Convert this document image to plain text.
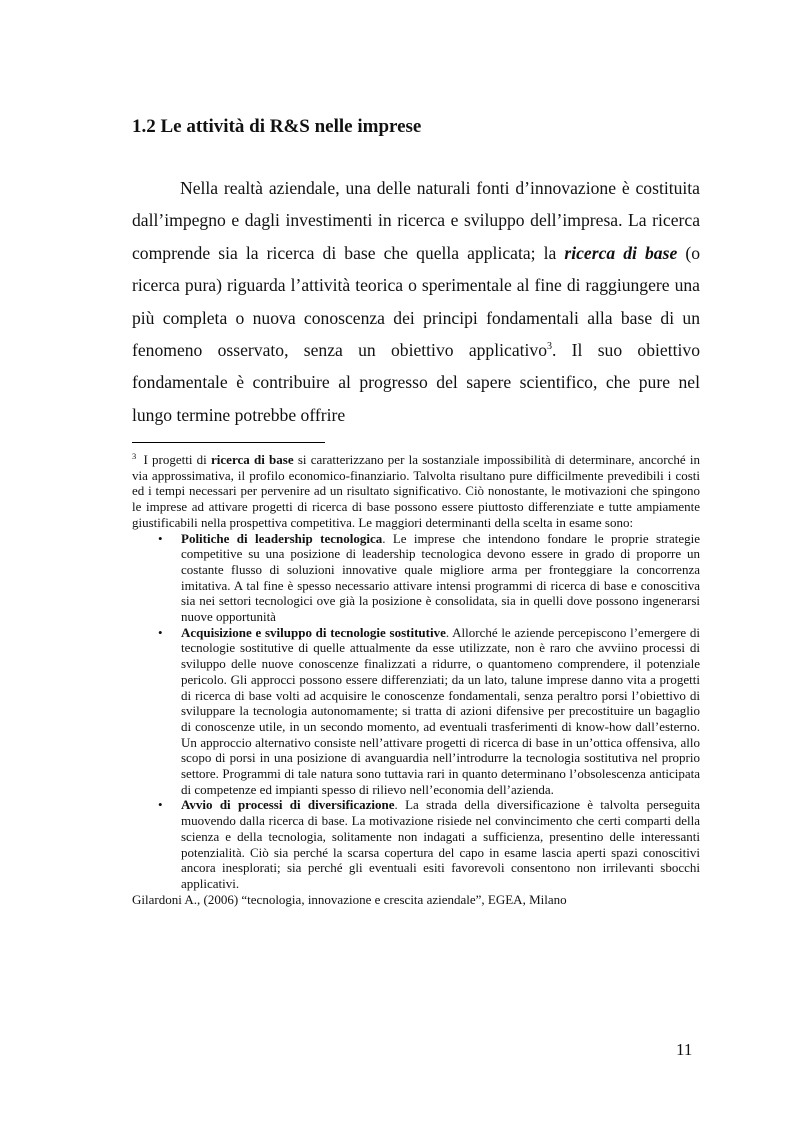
1.2 Le attività di R&S nelle imprese

Nella realtà aziendale, una delle naturali fonti d’innovazione è costituita dall’impegno e dagli investimenti in ricerca e sviluppo dell’impresa. La ricerca comprende sia la ricerca di base che quella applicata; la ricerca di base (o ricerca pura) riguarda l’attività teorica o sperimentale al fine di raggiungere una più completa o nuova conoscenza dei principi fondamentali alla base di un fenomeno osservato, senza un obiettivo applicativo$^3$. Il suo obiettivo fondamentale è contribuire al progresso del sapere scientifico, che pure nel lungo termine potrebbe offrire

$^3$ I progetti di ricerca di base si caratterizzano per la sostanziale impossibilità di determinare, ancorché in via approssimativa, il profilo economico-finanziario. Talvolta risultano pure difficilmente prevedibili i costi ed i tempi necessari per pervenire ad un risultato significativo. Ciò nonostante, le motivazioni che spingono le imprese ad attivare progetti di ricerca di base possono essere piuttosto differenziate e tutte ampiamente giustificabili nella prospettiva competitiva. Le maggiori determinanti della scelta in esame sono:

• Politiche di leadership tecnologica. Le imprese che intendono fondare le proprie strategie competitive su una posizione di leadership tecnologica devono essere in grado di proporre un costante flusso di soluzioni innovative quale migliore arma per fronteggiare la concorrenza imitativa. A tal fine è spesso necessario attivare intensi programmi di ricerca di base e conoscitiva sia nei settori tecnologici ove già la posizione è consolidata, sia in quelli dove possono ingenerarsi nuove opportunità
• Acquisizione e sviluppo di tecnologie sostitutive. Allorché le aziende percepiscono l’emergere di tecnologie sostitutive di quelle attualmente da esse utilizzate, non è raro che avviino processi di sviluppo delle nuove conoscenze finalizzati a ridurre, o quantomeno comprendere, il potenziale pericolo. Gli approcci possono essere differenziati; da un lato, talune imprese danno vita a progetti di ricerca di base volti ad acquisire le conoscenze fondamentali, senza peraltro porsi l’obiettivo di sviluppare la tecnologia autonomamente; si tratta di azioni difensive per precostituire un bagaglio di conoscenze utile, in un secondo momento, ad eventuali trasferimenti di know-how dall’esterno. Un approccio alternativo consiste nell’attivare progetti di ricerca di base in un’ottica offensiva, allo scopo di porsi in una posizione di avanguardia nell’introdurre la tecnologia sostitutiva nel proprio settore. Programmi di tale natura sono tuttavia rari in quanto determinano l’obsolescenza anticipata di competenze ed impianti spesso di rilievo nell’economia dell’azienda.
• Avvio di processi di diversificazione. La strada della diversificazione è talvolta perseguita muovendo dalla ricerca di base. La motivazione risiede nel convincimento che certi comparti della scienza e della tecnologia, solitamente non indagati a sufficienza, presentino delle interessanti potenzialità. Ciò sia perché la scarsa copertura del capo in esame lascia aperti spazi conoscitivi ancora inesplorati; sia perché gli eventuali esiti favorevoli consentono non irrilevanti sbocchi applicativi.

Gilardoni A., (2006) “tecnologia, innovazione e crescita aziendale”, EGEA, Milano

11
